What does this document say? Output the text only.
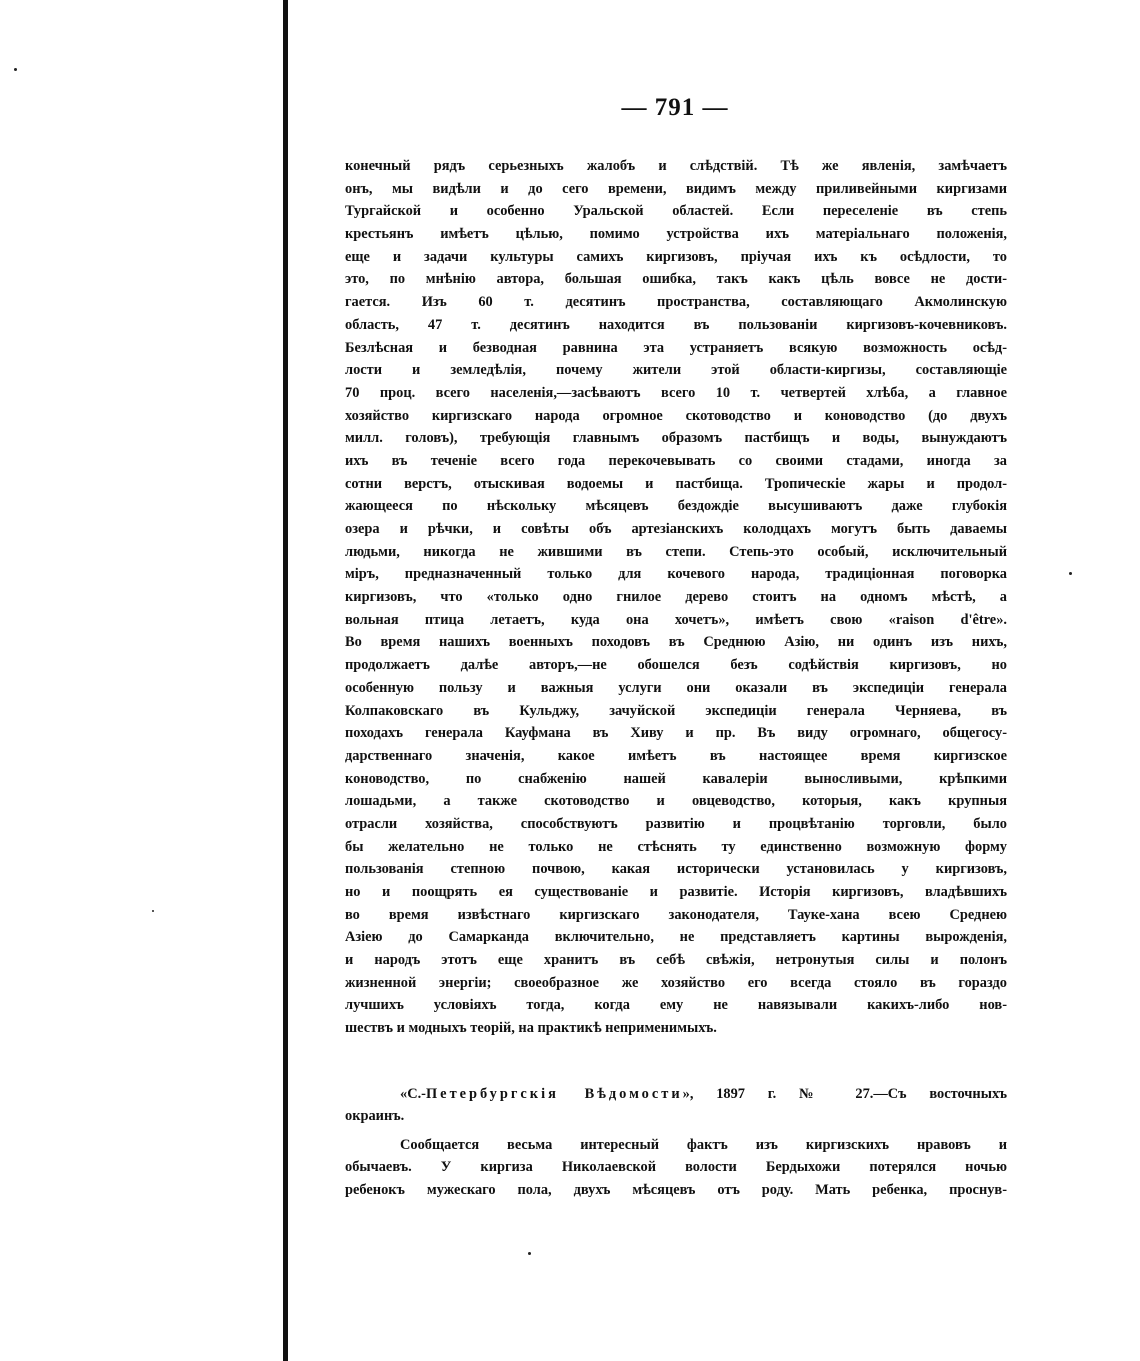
— 791 —
конечный рядъ серьезныхъ жалобъ и слѣдствій. Тѣ же явленія, замѣчаетъ
онъ, мы видѣли и до сего времени, видимъ между приливейными киргизами
Тургайской и особенно Уральской областей. Если переселеніе въ степь
крестьянъ имѣетъ цѣлью, помимо устройства ихъ матеріальнаго положенія,
еще и задачи культуры самихъ киргизовъ, пріучая ихъ къ осѣдлости, то
это, по мнѣнію автора, большая ошибка, такъ какъ цѣль вовсе не дости-
гается. Изъ 60 т. десятинъ пространства, составляющаго Акмолинскую
область, 47 т. десятинъ находится въ пользованіи киргизовъ-кочевниковъ.
Безлѣсная и безводная равнина эта устраняетъ всякую возможность осѣд-
лости и земледѣлія, почему жители этой области-киргизы, составляющіе
70 проц. всего населенія,—засѣваютъ всего 10 т. четвертей хлѣба, а главное
хозяйство киргизскаго народа огромное скотоводство и коноводство (до двухъ
милл. головъ), требующія главнымъ образомъ пастбищъ и воды, вынуждаютъ
ихъ въ теченіе всего года перекочевывать со своими стадами, иногда за
сотни верстъ, отыскивая водоемы и пастбища. Тропическіе жары и продол-
жающееся по нѣскольку мѣсяцевъ бездождіе высушиваютъ даже глубокія
озера и рѣчки, и совѣты объ артезіанскихъ колодцахъ могутъ быть даваемы
людьми, никогда не жившими въ степи. Степь-это особый, исключительный
міръ, предназначенный только для кочевого народа, традиціонная поговорка
киргизовъ, что «только одно гнилое дерево стоитъ на одномъ мѣстѣ, а
вольная птица летаетъ, куда она хочетъ», имѣетъ свою «raison d'être».
Во время нашихъ военныхъ походовъ въ Среднюю Азію, ни одинъ изъ нихъ,
продолжаетъ далѣе авторъ,—не обошелся безъ содѣйствія киргизовъ, но
особенную пользу и важныя услуги они оказали въ экспедиціи генерала
Колпаковскаго въ Кульджу, зачуйской экспедиціи генерала Черняева, въ
походахъ генерала Кауфмана въ Хиву и пр. Въ виду огромнаго, общегосу-
дарственнаго значенія, какое имѣетъ въ настоящее время киргизское
коноводство, по снабженію нашей кавалеріи выносливыми, крѣпкими
лошадьми, а также скотоводство и овцеводство, которыя, какъ крупныя
отрасли хозяйства, способствуютъ развитію и процвѣтанію торговли, было
бы желательно не только не стѣснять ту единственно возможную форму
пользованія степною почвою, какая исторически установилась у киргизовъ,
но и поощрять ея существованіе и развитіе. Исторія киргизовъ, владѣвшихъ
во время извѣстнаго киргизскаго законодателя, Тауке-хана всею Среднею
Азіею до Самарканда включительно, не представляетъ картины вырожденія,
и народъ этотъ еще хранитъ въ себѣ свѣжія, нетронутыя силы и полонъ
жизненной энергіи; своеобразное же хозяйство его всегда стояло въ гораздо
лучшихъ условіяхъ тогда, когда ему не навязывали какихъ-либо нов-
шествъ и модныхъ теорій, на практикѣ неприменимыхъ.
«С.-Петербургскія Вѣдомости», 1897 г. № 27.—Съ восточныхъ
окраинъ.
Сообщается весьма интересный фактъ изъ киргизскихъ нравовъ и
обычаевъ. У киргиза Николаевской волости Бердыхожи потерялся ночью
ребенокъ мужескаго пола, двухъ мѣсяцевъ отъ роду. Мать ребенка, проснув-
